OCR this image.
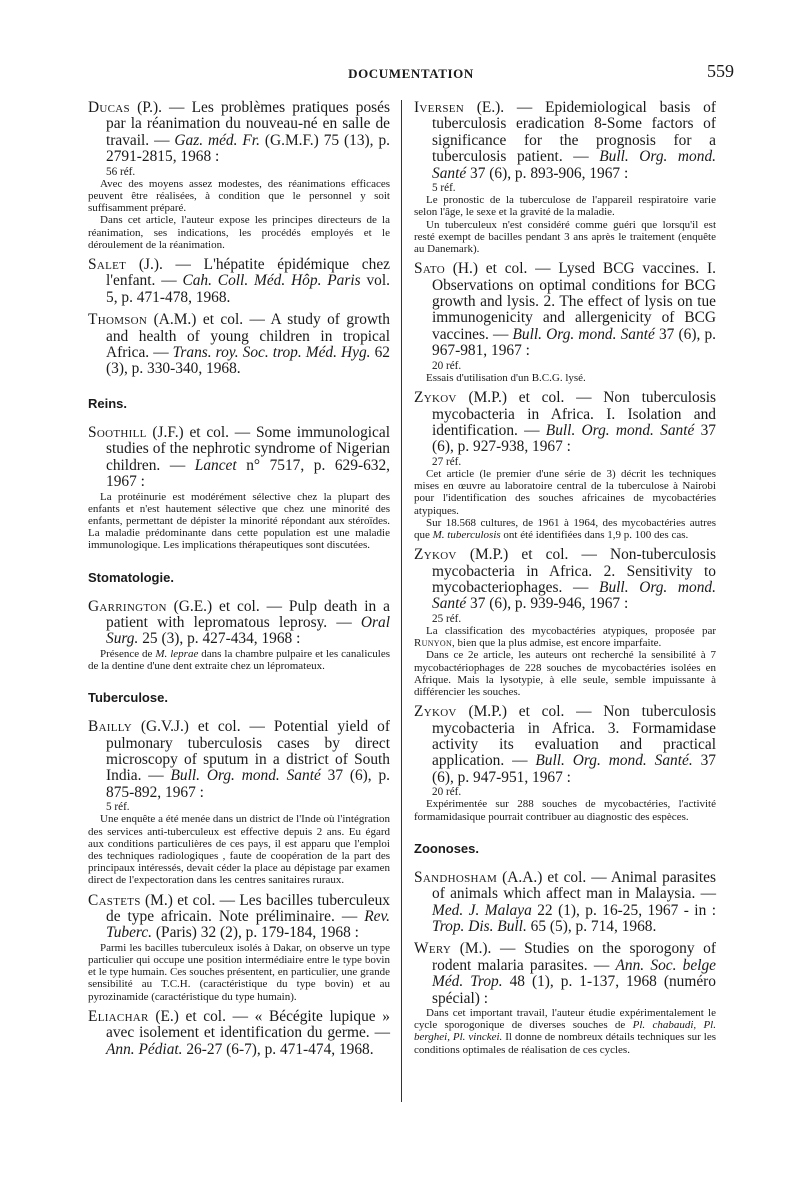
DOCUMENTATION	559
Ducas (P.). — Les problèmes pratiques posés par la réanimation du nouveau-né en salle de travail. — Gaz. méd. Fr. (G.M.F.) 75 (13), p. 2791-2815, 1968 :
56 réf.
Avec des moyens assez modestes, des réanimations efficaces peuvent être réalisées, à condition que le personnel y soit suffisamment préparé.
Dans cet article, l'auteur expose les principes directeurs de la réanimation, ses indications, les procédés employés et le déroulement de la réanimation.
Salet (J.). — L'hépatite épidémique chez l'enfant. — Cah. Coll. Méd. Hôp. Paris vol. 5, p. 471-478, 1968.
Thomson (A.M.) et col. — A study of growth and health of young children in tropical Africa. — Trans. roy. Soc. trop. Méd. Hyg. 62 (3), p. 330-340, 1968.
Reins.
Soothill (J.F.) et col. — Some immunological studies of the nephrotic syndrome of Nigerian children. — Lancet n° 7517, p. 629-632, 1967 :
La protéinurie est modérément sélective chez la plupart des enfants et n'est hautement sélective que chez une minorité des enfants, permettant de dépister la minorité répondant aux stéroïdes. La maladie prédominante dans cette population est une maladie immunologique. Les implications thérapeutiques sont discutées.
Stomatologie.
Garrington (G.E.) et col. — Pulp death in a patient with lepromatous leprosy. — Oral Surg. 25 (3), p. 427-434, 1968 :
Présence de M. leprae dans la chambre pulpaire et les canalicules de la dentine d'une dent extraite chez un lépromateux.
Tuberculose.
Bailly (G.V.J.) et col. — Potential yield of pulmonary tuberculosis cases by direct microscopy of sputum in a district of South India. — Bull. Org. mond. Santé 37 (6), p. 875-892, 1967 :
5 réf.
Une enquête a été menée dans un district de l'Inde où l'intégration des services anti-tuberculeux est effective depuis 2 ans. Eu égard aux conditions particulières de ces pays, il est apparu que l'emploi des techniques radiologiques , faute de coopération de la part des principaux intéressés, devait céder la place au dépistage par examen direct de l'expectoration dans les centres sanitaires ruraux.
Castets (M.) et col. — Les bacilles tuberculeux de type africain. Note préliminaire. — Rev. Tuberc. (Paris) 32 (2), p. 179-184, 1968 :
Parmi les bacilles tuberculeux isolés à Dakar, on observe un type particulier qui occupe une position intermédiaire entre le type bovin et le type humain. Ces souches présentent, en particulier, une grande sensibilité au T.C.H. (caractéristique du type bovin) et au pyrozinamide (caractéristique du type humain).
Eliachar (E.) et col. — « Bécégite lupique » avec isolement et identification du germe. — Ann. Pédiat. 26-27 (6-7), p. 471-474, 1968.
Iversen (E.). — Epidemiological basis of tuberculosis eradication 8-Some factors of significance for the prognosis for a tuberculosis patient. — Bull. Org. mond. Santé 37 (6), p. 893-906, 1967 :
5 réf.
Le pronostic de la tuberculose de l'appareil respiratoire varie selon l'âge, le sexe et la gravité de la maladie.
Un tuberculeux n'est considéré comme guéri que lorsqu'il est resté exempt de bacilles pendant 3 ans après le traitement (enquête au Danemark).
Sato (H.) et col. — Lysed BCG vaccines. I. Observations on optimal conditions for BCG growth and lysis. 2. The effect of lysis on tue immunogenicity and allergenicity of BCG vaccines. — Bull. Org. mond. Santé 37 (6), p. 967-981, 1967 :
20 réf.
Essais d'utilisation d'un B.C.G. lysé.
Zykov (M.P.) et col. — Non tuberculosis mycobacteria in Africa. I. Isolation and identification. — Bull. Org. mond. Santé 37 (6), p. 927-938, 1967 :
27 réf.
Cet article (le premier d'une série de 3) décrit les techniques mises en œuvre au laboratoire central de la tuberculose à Nairobi pour l'identification des souches africaines de mycobactéries atypiques.
Sur 18.568 cultures, de 1961 à 1964, des mycobactéries autres que M. tuberculosis ont été identifiées dans 1,9 p. 100 des cas.
Zykov (M.P.) et col. — Non-tuberculosis mycobacteria in Africa. 2. Sensitivity to mycobacteriophages. — Bull. Org. mond. Santé 37 (6), p. 939-946, 1967 :
25 réf.
La classification des mycobactéries atypiques, proposée par Runyon, bien que la plus admise, est encore imparfaite.
Dans ce 2e article, les auteurs ont recherché la sensibilité à 7 mycobactériophages de 228 souches de mycobactéries isolées en Afrique. Mais la lysotypie, à elle seule, semble impuissante à différencier les souches.
Zykov (M.P.) et col. — Non tuberculosis mycobacteria in Africa. 3. Formamidase activity its evaluation and practical application. — Bull. Org. mond. Santé. 37 (6), p. 947-951, 1967 :
20 réf.
Expérimentée sur 288 souches de mycobactéries, l'activité formamidasique pourrait contribuer au diagnostic des espèces.
Zoonoses.
Sandhosham (A.A.) et col. — Animal parasites of animals which affect man in Malaysia. — Med. J. Malaya 22 (1), p. 16-25, 1967 - in : Trop. Dis. Bull. 65 (5), p. 714, 1968.
Wery (M.). — Studies on the sporogony of rodent malaria parasites. — Ann. Soc. belge Méd. Trop. 48 (1), p. 1-137, 1968 (numéro spécial) :
Dans cet important travail, l'auteur étudie expérimentalement le cycle sporogonique de diverses souches de Pl. chabaudi, Pl. berghei, Pl. vinckei. Il donne de nombreux détails techniques sur les conditions optimales de réalisation de ces cycles.
